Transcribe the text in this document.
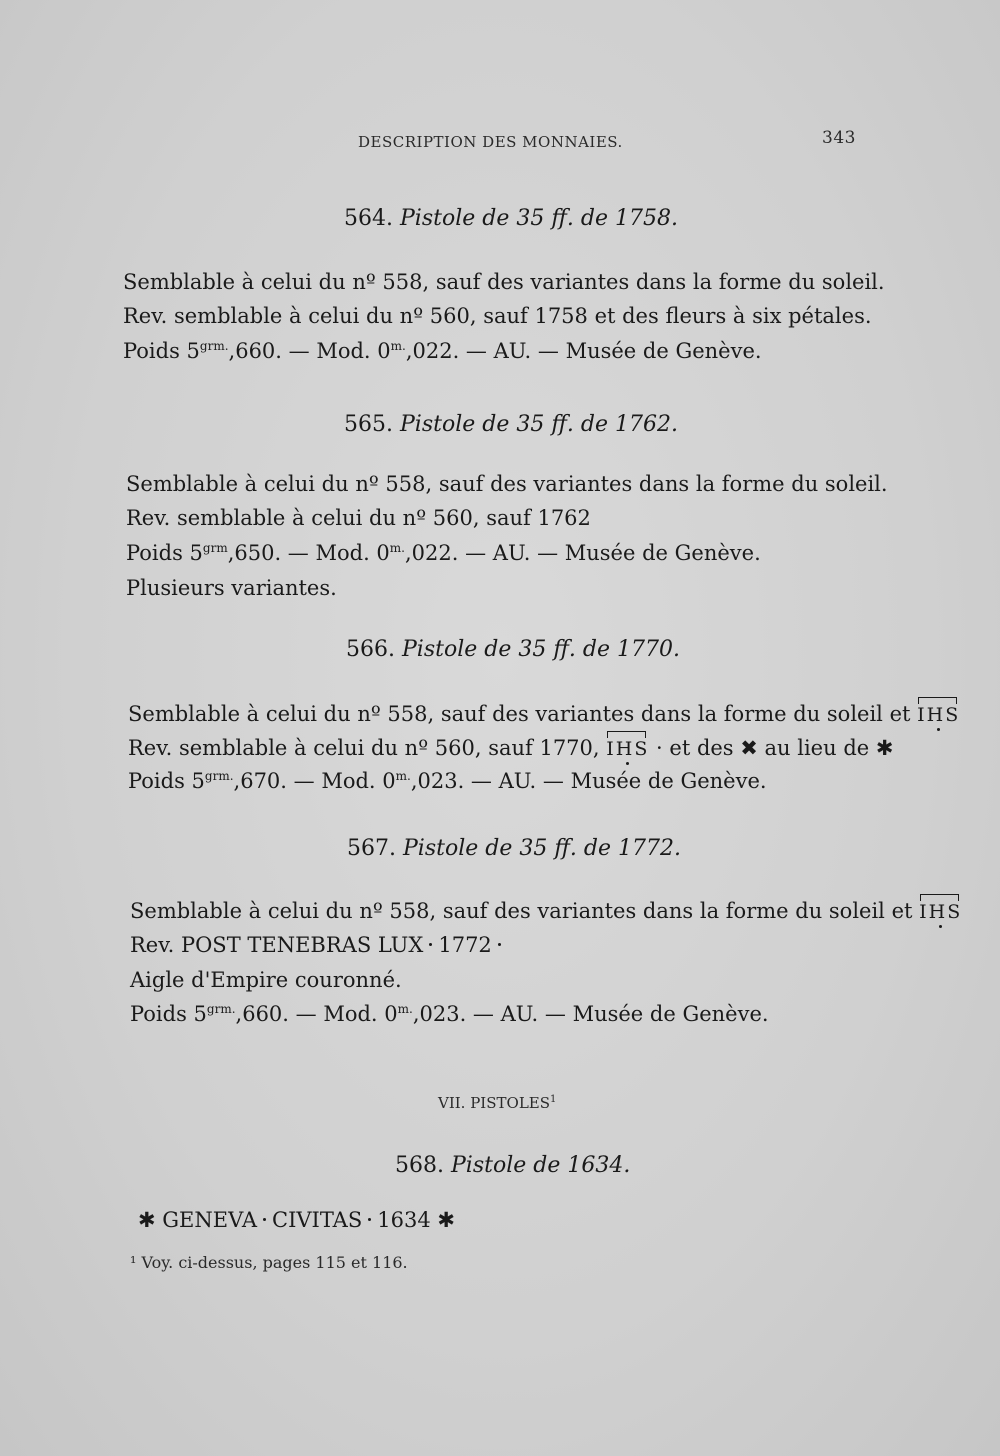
DESCRIPTION DES MONNAIES.	343
564. Pistole de 35 ff. de 1758.
Semblable à celui du nº 558, sauf des variantes dans la forme du soleil.
Rev. semblable à celui du nº 560, sauf 1758 et des fleurs à six pétales.
Poids $5^{grm.},660$. — Mod. $0^{m.},022$. — AU. — Musée de Genève.
565. Pistole de 35 ff. de 1762.
Semblable à celui du nº 558, sauf des variantes dans la forme du soleil.
Rev. semblable à celui du nº 560, sauf 1762
Poids $5^{grm},650$. — Mod. $0^{m.},022$. — AU. — Musée de Genève.
Plusieurs variantes.
566. Pistole de 35 ff. de 1770.
Semblable à celui du nº 558, sauf des variantes dans la forme du soleil et IHS
Rev. semblable à celui du nº 560, sauf 1770, IHS · et des ✖ au lieu de ✱
Poids $5^{grm.},670$. — Mod. $0^{m.},023$. — AU. — Musée de Genève.
567. Pistole de 35 ff. de 1772.
Semblable à celui du nº 558, sauf des variantes dans la forme du soleil et IHS
Rev. POST TENEBRAS LUX 1772
Aigle d'Empire couronné.
Poids $5^{grm.},660$. — Mod. $0^{m.},023$. — AU. — Musée de Genève.
VII. PISTOLES$^1$
568. Pistole de 1634.
✱ GENEVA CIVITAS 1634 ✱
¹ Voy. ci-dessus, pages 115 et 116.
